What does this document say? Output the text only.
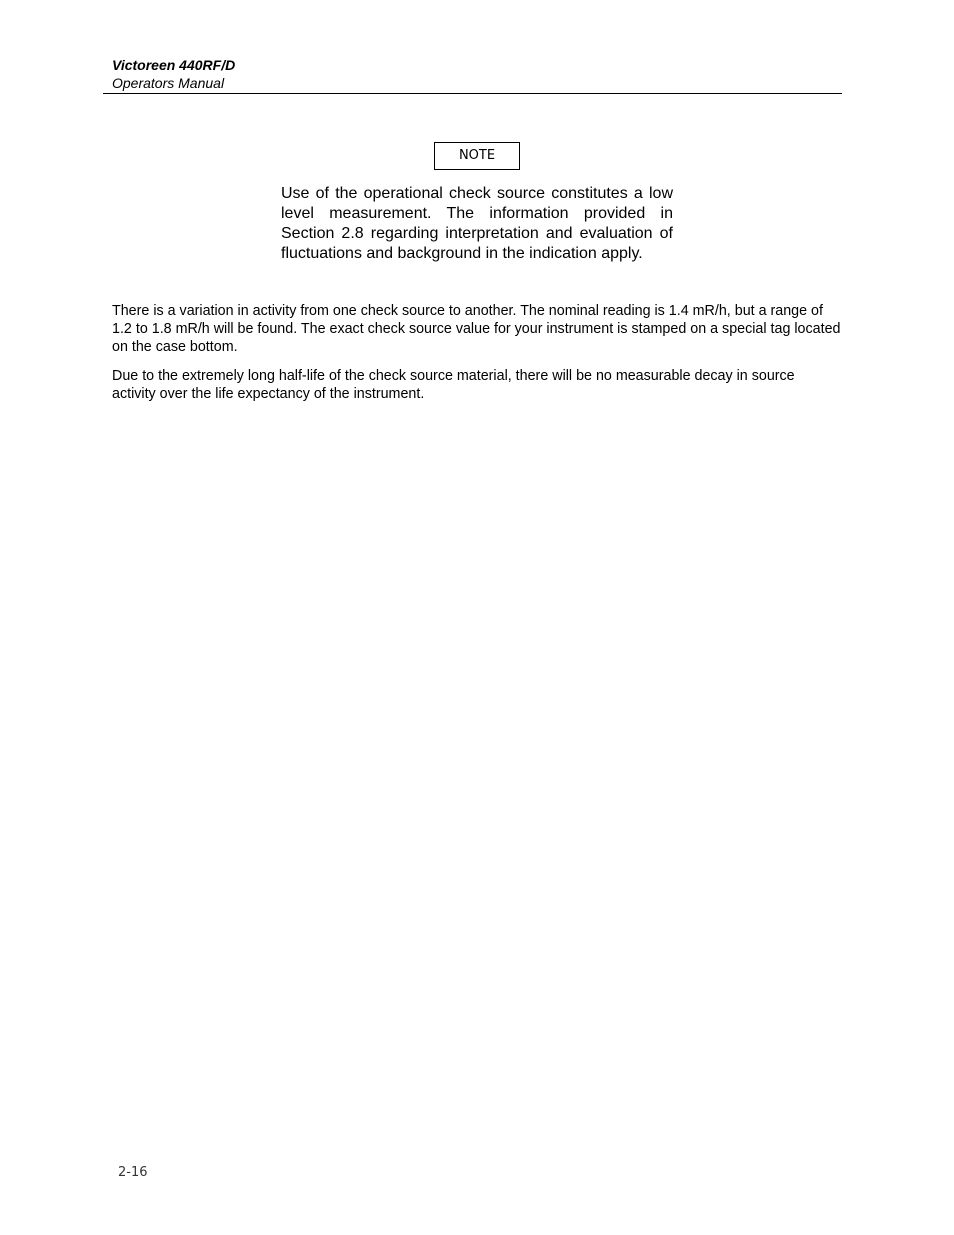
Victoreen 440RF/D
Operators Manual
NOTE
Use of the operational check source constitutes a low level measurement. The information provided in Section 2.8 regarding interpretation and evaluation of fluctuations and background in the indication apply.

There is a variation in activity from one check source to another. The nominal reading is 1.4 mR/h, but a range of 1.2 to 1.8 mR/h will be found. The exact check source value for your instrument is stamped on a special tag located on the case bottom.

Due to the extremely long half-life of the check source material, there will be no measurable decay in source activity over the life expectancy of the instrument.

2-16
